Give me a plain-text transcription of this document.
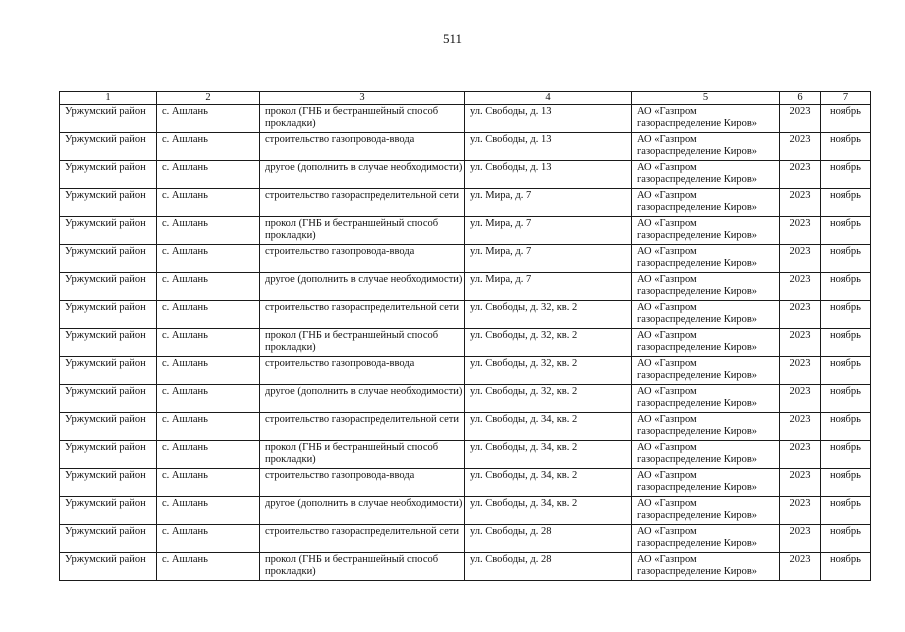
511
1	2	3	4	5	6	7

Уржумский район	с. Ашлань	прокол (ГНБ и бестраншейный способ прокладки)	ул. Свободы, д. 13	АО «Газпром газораспределение Киров»	2023	ноябрь

Уржумский район	с. Ашлань	строительство газопровода-ввода	ул. Свободы, д. 13	АО «Газпром газораспределение Киров»	2023	ноябрь

Уржумский район	с. Ашлань	другое (дополнить в случае необходимости)	ул. Свободы, д. 13	АО «Газпром газораспределение Киров»	2023	ноябрь

Уржумский район	с. Ашлань	строительство газораспределительной сети	ул. Мира, д. 7	АО «Газпром газораспределение Киров»	2023	ноябрь

Уржумский район	с. Ашлань	прокол (ГНБ и бестраншейный способ прокладки)	ул. Мира, д. 7	АО «Газпром газораспределение Киров»	2023	ноябрь

Уржумский район	с. Ашлань	строительство газопровода-ввода	ул. Мира, д. 7	АО «Газпром газораспределение Киров»	2023	ноябрь

Уржумский район	с. Ашлань	другое (дополнить в случае необходимости)	ул. Мира, д. 7	АО «Газпром газораспределение Киров»	2023	ноябрь

Уржумский район	с. Ашлань	строительство газораспределительной сети	ул. Свободы, д. 32, кв. 2	АО «Газпром газораспределение Киров»	2023	ноябрь

Уржумский район	с. Ашлань	прокол (ГНБ и бестраншейный способ прокладки)	ул. Свободы, д. 32, кв. 2	АО «Газпром газораспределение Киров»	2023	ноябрь

Уржумский район	с. Ашлань	строительство газопровода-ввода	ул. Свободы, д. 32, кв. 2	АО «Газпром газораспределение Киров»	2023	ноябрь

Уржумский район	с. Ашлань	другое (дополнить в случае необходимости)	ул. Свободы, д. 32, кв. 2	АО «Газпром газораспределение Киров»	2023	ноябрь

Уржумский район	с. Ашлань	строительство газораспределительной сети	ул. Свободы, д. 34, кв. 2	АО «Газпром газораспределение Киров»	2023	ноябрь

Уржумский район	с. Ашлань	прокол (ГНБ и бестраншейный способ прокладки)	ул. Свободы, д. 34, кв. 2	АО «Газпром газораспределение Киров»	2023	ноябрь

Уржумский район	с. Ашлань	строительство газопровода-ввода	ул. Свободы, д. 34, кв. 2	АО «Газпром газораспределение Киров»	2023	ноябрь

Уржумский район	с. Ашлань	другое (дополнить в случае необходимости)	ул. Свободы, д. 34, кв. 2	АО «Газпром газораспределение Киров»	2023	ноябрь

Уржумский район	с. Ашлань	строительство газораспределительной сети	ул. Свободы, д. 28	АО «Газпром газораспределение Киров»	2023	ноябрь

Уржумский район	с. Ашлань	прокол (ГНБ и бестраншейный способ прокладки)	ул. Свободы, д. 28	АО «Газпром газораспределение Киров»	2023	ноябрь
